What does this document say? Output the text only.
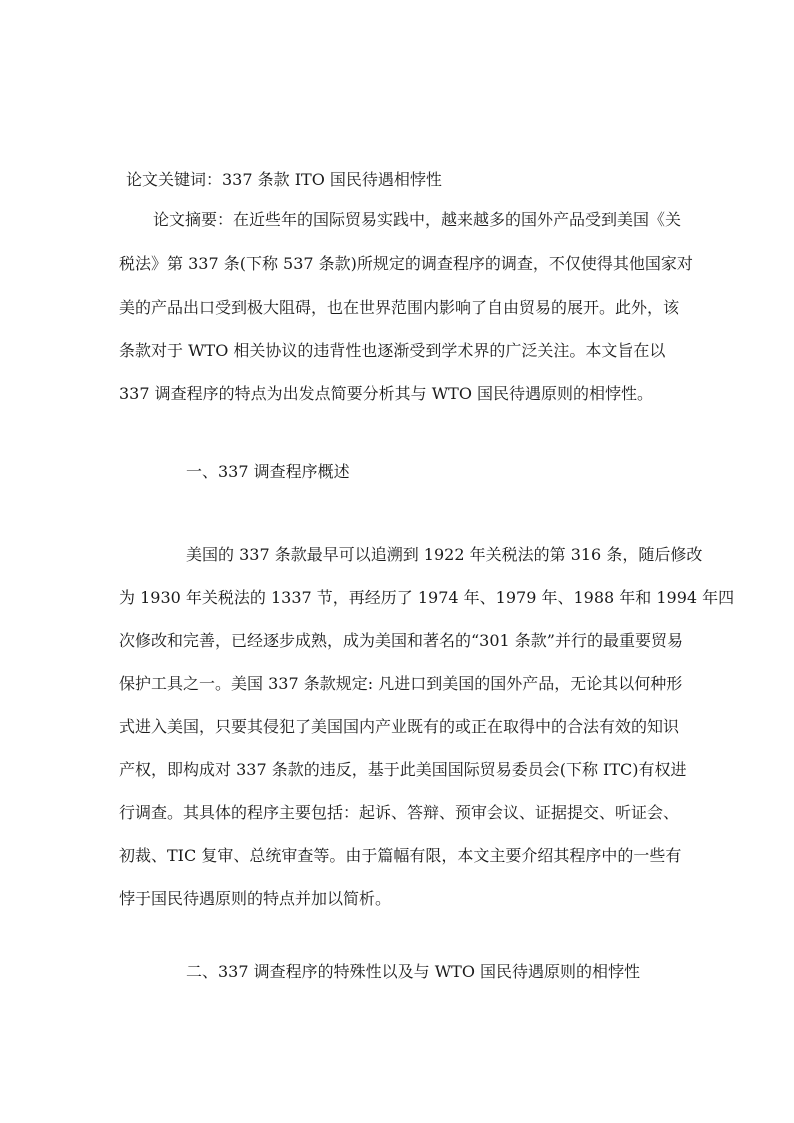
论文关键词：337 条款 ITO 国民待遇相悖性
论文摘要：在近些年的国际贸易实践中，越来越多的国外产品受到美国《关
税法》第 337 条(下称 537 条款)所规定的调查程序的调查，不仅使得其他国家对
美的产品出口受到极大阻碍，也在世界范围内影响了自由贸易的展开。此外，该
条款对于 WTO 相关协议的违背性也逐渐受到学术界的广泛关注。本文旨在以
337 调查程序的特点为出发点简要分析其与 WTO 国民待遇原则的相悖性。
一、337 调查程序概述
美国的 337 条款最早可以追溯到 1922 年关税法的第 316 条，随后修改
为 1930 年关税法的 1337 节，再经历了 1974 年、1979 年、1988 年和 1994 年四
次修改和完善，已经逐步成熟，成为美国和著名的“301 条款”并行的最重要贸易
保护工具之一。美国 337 条款规定: 凡进口到美国的国外产品，无论其以何种形
式进入美国，只要其侵犯了美国国内产业既有的或正在取得中的合法有效的知识
产权，即构成对 337 条款的违反，基于此美国国际贸易委员会(下称 ITC)有权进
行调查。其具体的程序主要包括：起诉、答辩、预审会议、证据提交、听证会、
初裁、TIC 复审、总统审查等。由于篇幅有限，本文主要介绍其程序中的一些有
悖于国民待遇原则的特点并加以简析。
二、337 调查程序的特殊性以及与 WTO 国民待遇原则的相悖性
